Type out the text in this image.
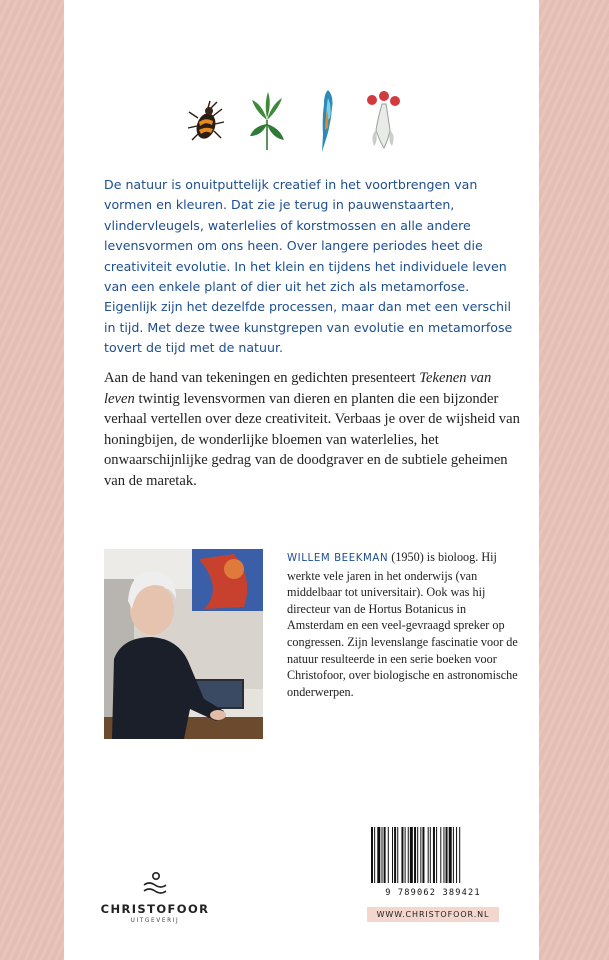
De natuur is onuitputtelijk creatief in het voortbrengen van vormen en kleuren. Dat zie je terug in pauwenstaarten, vlindervleugels, waterlelies of korstmossen en alle andere levensvormen om ons heen. Over langere periodes heet die creativiteit evolutie. In het klein en tijdens het individuele leven van een enkele plant of dier uit het zich als metamorfose. Eigenlijk zijn het dezelfde processen, maar dan met een verschil in tijd. Met deze twee kunstgrepen van evolutie en metamorfose tovert de tijd met de natuur.

Aan de hand van tekeningen en gedichten presenteert Tekenen van leven twintig levensvormen van dieren en planten die een bijzonder verhaal vertellen over deze creativiteit. Verbaas je over de wijsheid van honingbijen, de wonderlijke bloemen van waterlelies, het onwaarschijnlijke gedrag van de doodgraver en de subtiele geheimen van de maretak.

WILLEM BEEKMAN (1950) is bioloog. Hij werkte vele jaren in het onderwijs (van middelbaar tot universitair). Ook was hij directeur van de Hortus Botanicus in Amsterdam en een veel-gevraagd spreker op congressen. Zijn levenslange fascinatie voor de natuur resulteerde in een serie boeken voor Christofoor, over biologische en astronomische onderwerpen.

CHRISTOFOOR
UITGEVERIJ
9 789062 389421
WWW.CHRISTOFOOR.NL
